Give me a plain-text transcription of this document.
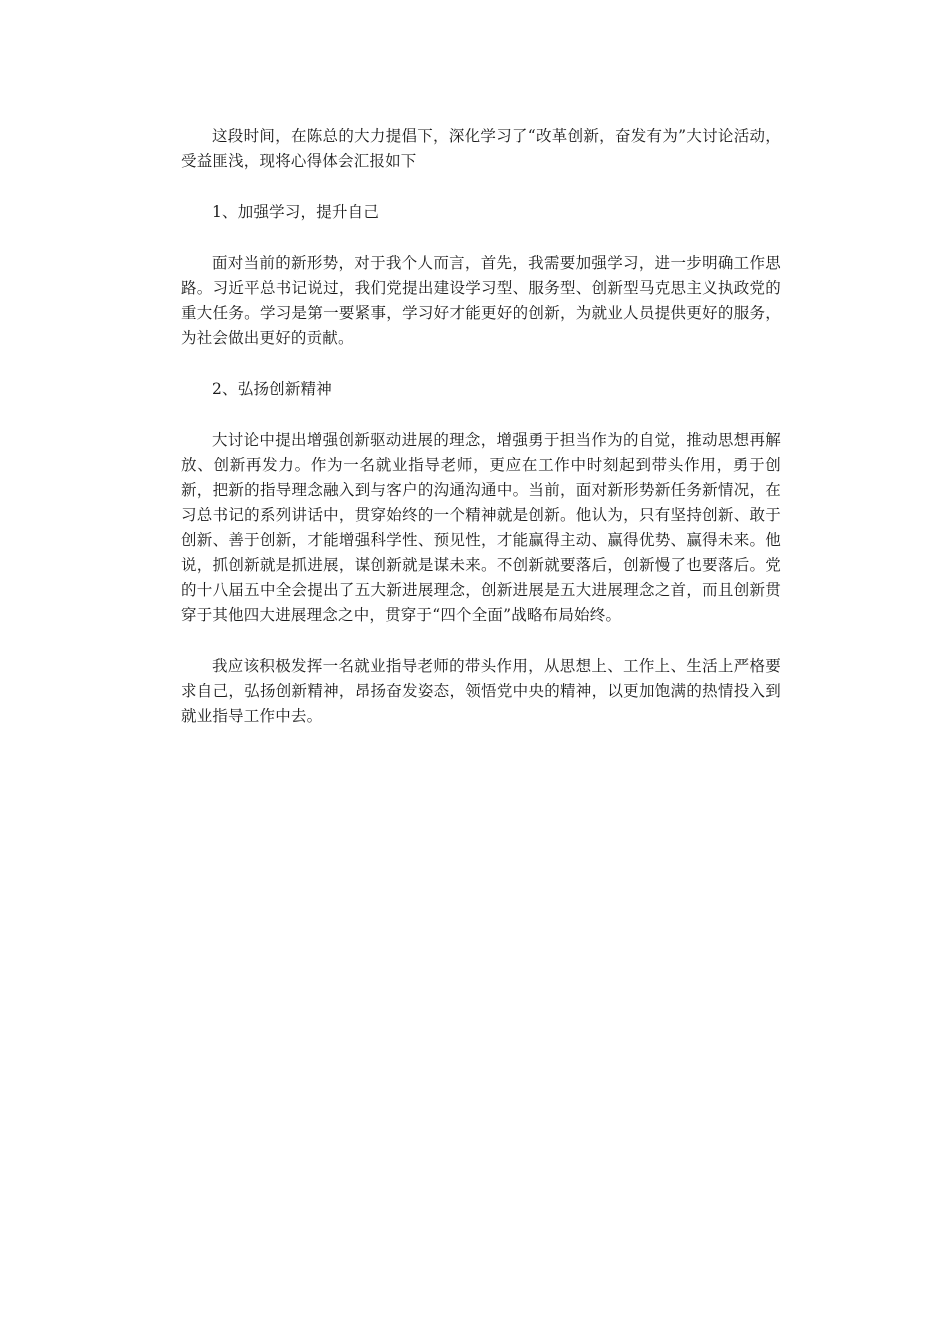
这段时间，在陈总的大力提倡下，深化学习了“改革创新，奋发有为”大讨论活动，受益匪浅，现将心得体会汇报如下

1、加强学习，提升自己

面对当前的新形势，对于我个人而言，首先，我需要加强学习，进一步明确工作思路。习近平总书记说过，我们党提出建设学习型、服务型、创新型马克思主义执政党的重大任务。学习是第一要紧事，学习好才能更好的创新，为就业人员提供更好的服务，为社会做出更好的贡献。

2、弘扬创新精神

大讨论中提出增强创新驱动进展的理念，增强勇于担当作为的自觉，推动思想再解放、创新再发力。作为一名就业指导老师，更应在工作中时刻起到带头作用，勇于创新，把新的指导理念融入到与客户的沟通沟通中。当前，面对新形势新任务新情况，在习总书记的系列讲话中，贯穿始终的一个精神就是创新。他认为，只有坚持创新、敢于创新、善于创新，才能增强科学性、预见性，才能赢得主动、赢得优势、赢得未来。他说，抓创新就是抓进展，谋创新就是谋未来。不创新就要落后，创新慢了也要落后。党的十八届五中全会提出了五大新进展理念，创新进展是五大进展理念之首，而且创新贯穿于其他四大进展理念之中，贯穿于“四个全面”战略布局始终。

我应该积极发挥一名就业指导老师的带头作用，从思想上、工作上、生活上严格要求自己，弘扬创新精神，昂扬奋发姿态，领悟党中央的精神，以更加饱满的热情投入到就业指导工作中去。
